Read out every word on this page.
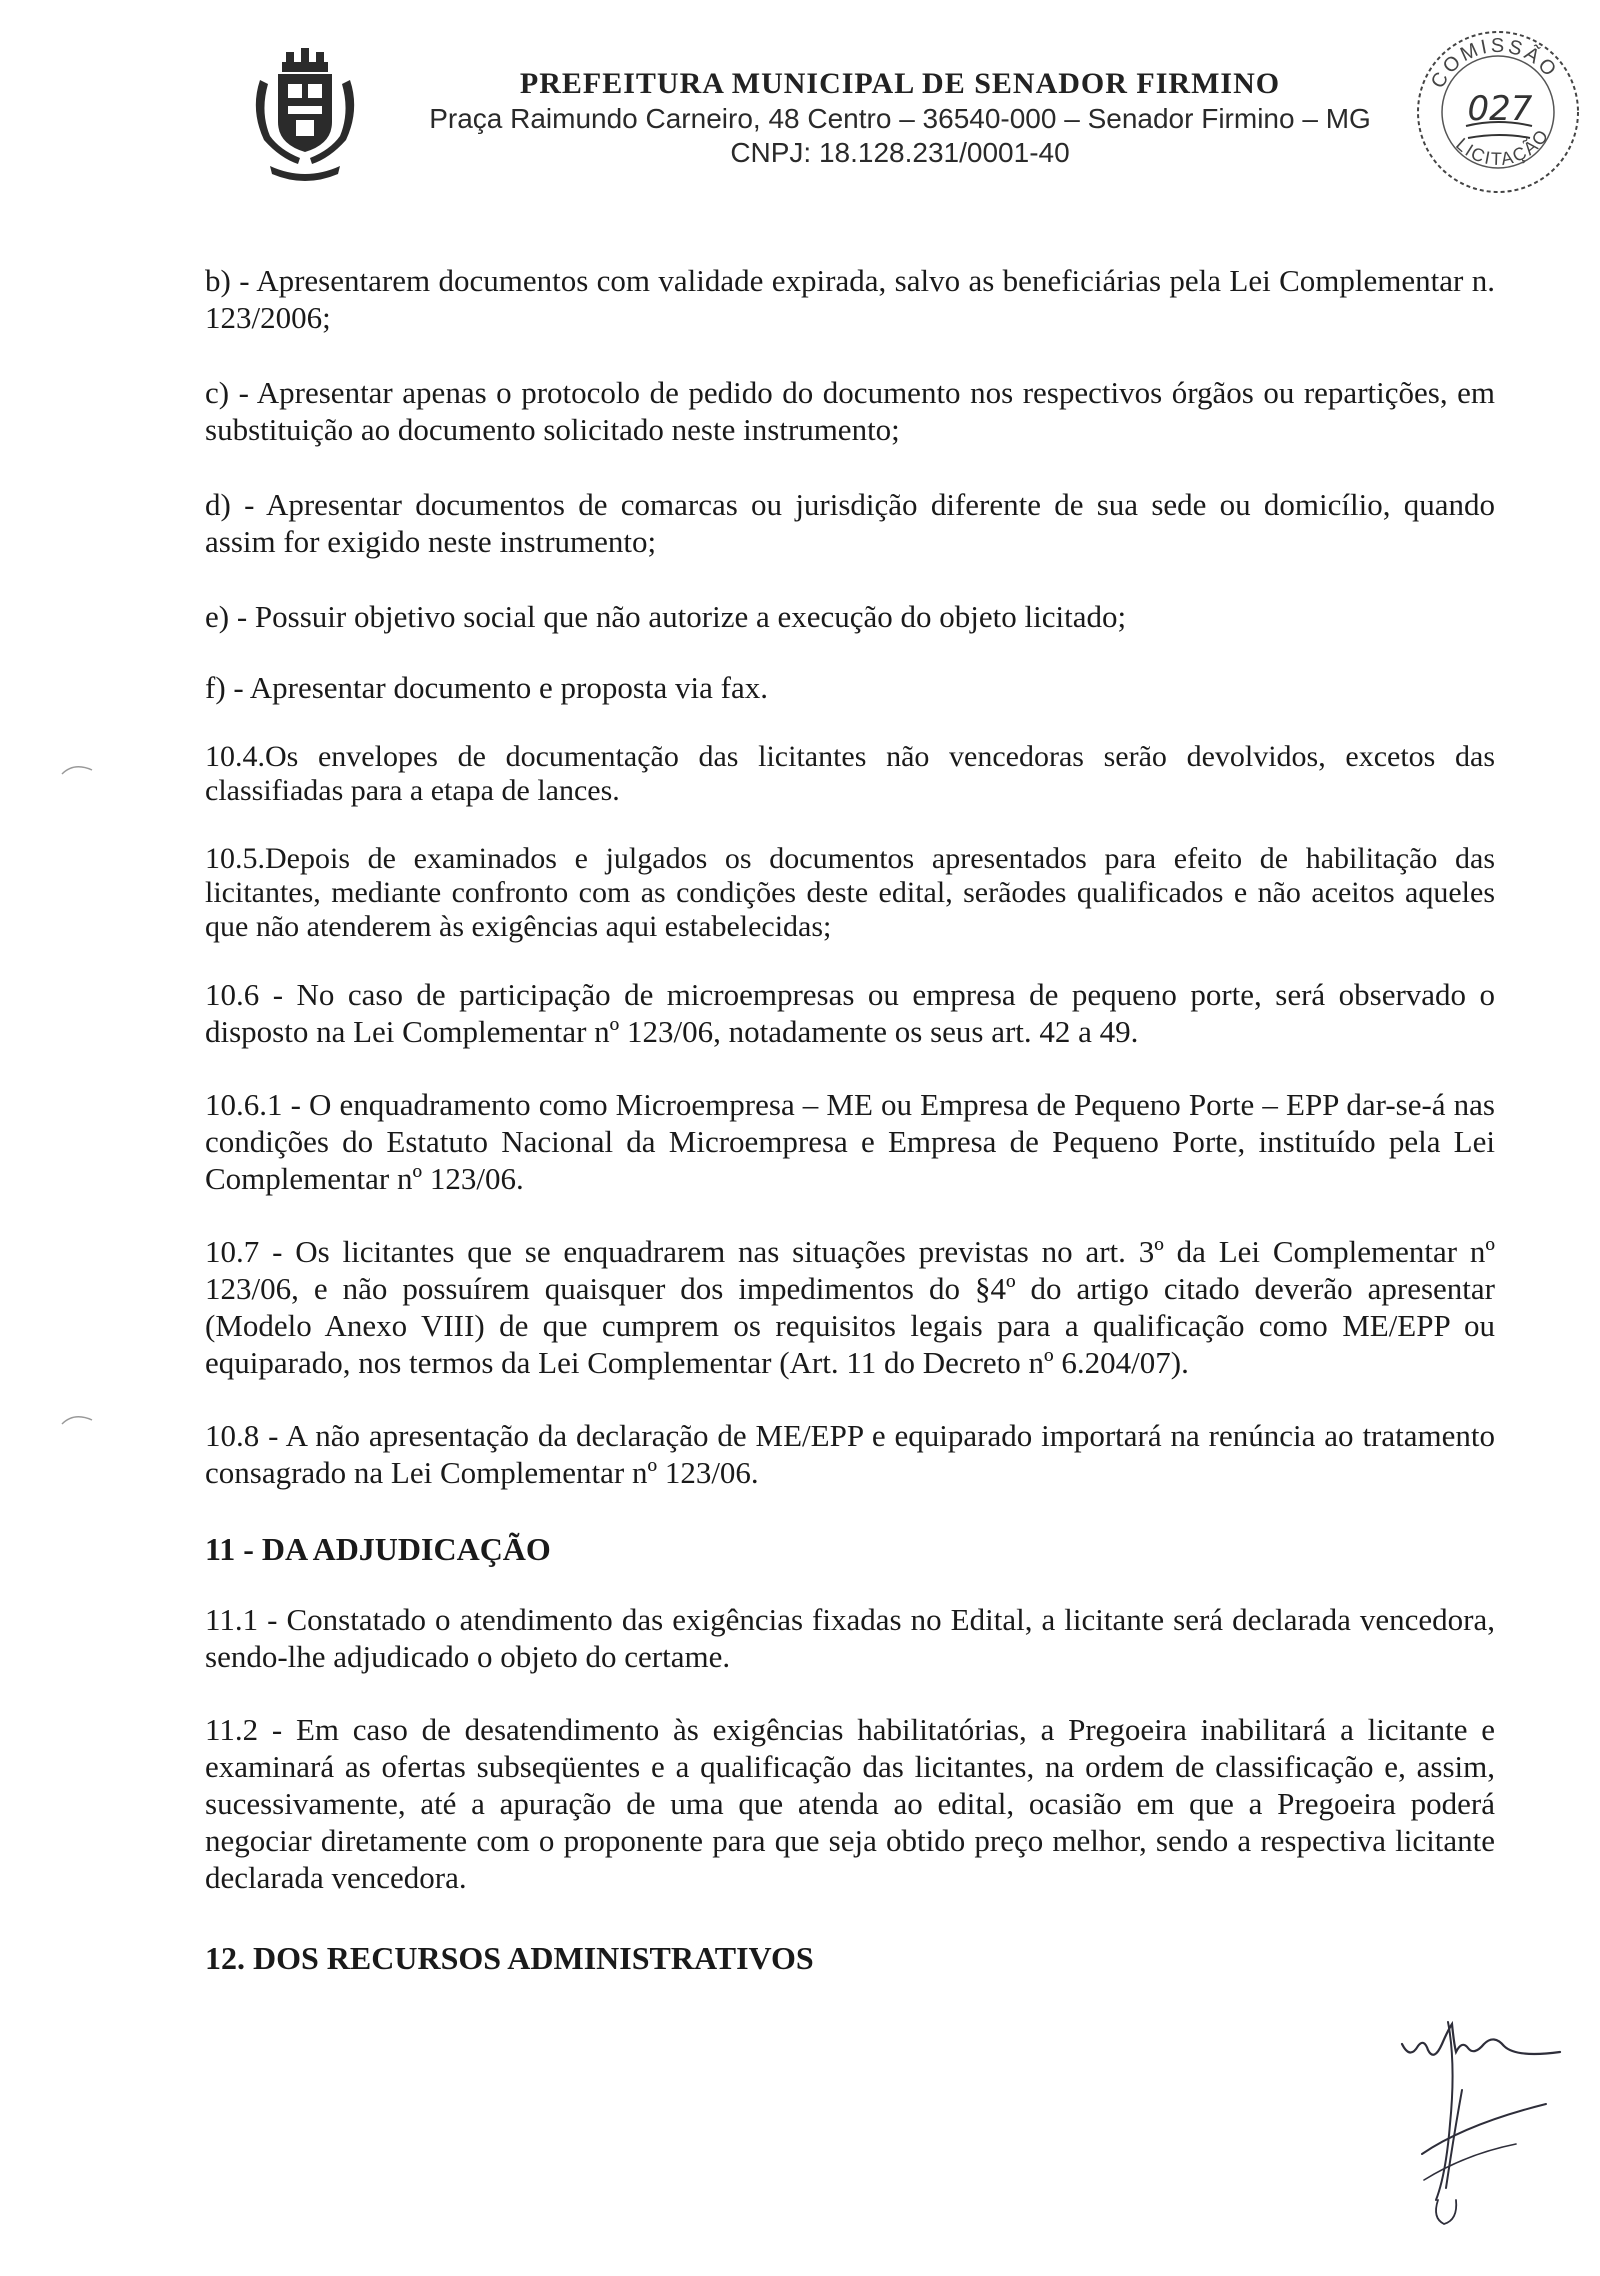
PREFEITURA MUNICIPAL DE SENADOR FIRMINO
Praça Raimundo Carneiro, 48 Centro – 36540-000 – Senador Firmino – MG
CNPJ: 18.128.231/0001-40
COMISSÃO
LICITAÇÃO
027

b) - Apresentarem documentos com validade expirada, salvo as beneficiárias pela Lei Complementar n. 123/2006;

c) - Apresentar apenas o protocolo de pedido do documento nos respectivos órgãos ou repartições, em substituição ao documento solicitado neste instrumento;

d) - Apresentar documentos de comarcas ou jurisdição diferente de sua sede ou domicílio, quando assim for exigido neste instrumento;

e) - Possuir objetivo social que não autorize a execução do objeto licitado;

f) - Apresentar documento e proposta via fax.

10.4.Os envelopes de documentação das licitantes não vencedoras serão devolvidos, excetos das classifiadas para a etapa de lances.

10.5.Depois de examinados e julgados os documentos apresentados para efeito de habilitação das licitantes, mediante confronto com as condições deste edital, serãodes qualificados e não aceitos aqueles que não atenderem às exigências aqui estabelecidas;

10.6 - No caso de participação de microempresas ou empresa de pequeno porte, será observado o disposto na Lei Complementar nº 123/06, notadamente os seus art. 42 a 49.

10.6.1 - O enquadramento como Microempresa – ME ou Empresa de Pequeno Porte – EPP dar-se-á nas condições do Estatuto Nacional da Microempresa e Empresa de Pequeno Porte, instituído pela Lei Complementar nº 123/06.

10.7 - Os licitantes que se enquadrarem nas situações previstas no art. 3º da Lei Complementar nº 123/06, e não possuírem quaisquer dos impedimentos do §4º do artigo citado deverão apresentar (Modelo Anexo VIII) de que cumprem os requisitos legais para a qualificação como ME/EPP ou equiparado, nos termos da Lei Complementar (Art. 11 do Decreto nº 6.204/07).

10.8 - A não apresentação da declaração de ME/EPP e equiparado importará na renúncia ao tratamento consagrado na Lei Complementar nº 123/06.

11 - DA ADJUDICAÇÃO

11.1 - Constatado o atendimento das exigências fixadas no Edital, a licitante será declarada vencedora, sendo-lhe adjudicado o objeto do certame.

11.2 - Em caso de desatendimento às exigências habilitatórias, a Pregoeira inabilitará a licitante e examinará as ofertas subseqüentes e a qualificação das licitantes, na ordem de classificação e, assim, sucessivamente, até a apuração de uma que atenda ao edital, ocasião em que a Pregoeira poderá negociar diretamente com o proponente para que seja obtido preço melhor, sendo a respectiva licitante declarada vencedora.

12. DOS RECURSOS ADMINISTRATIVOS
